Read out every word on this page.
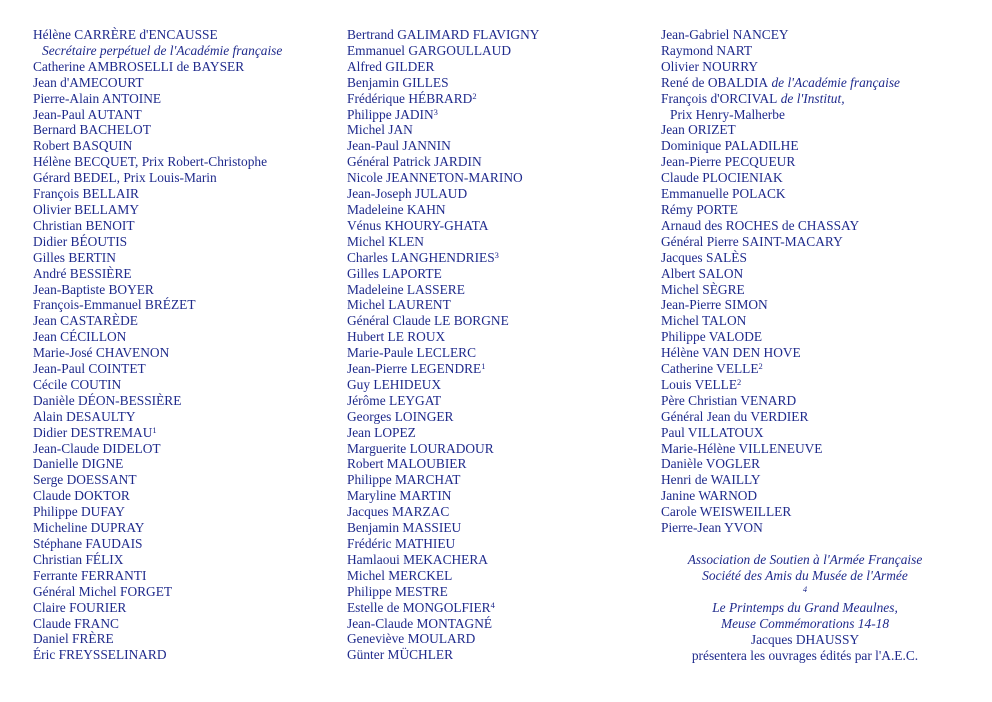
Hélène CARRÈRE d'ENCAUSSE
Secrétaire perpétuel de l'Académie française
Catherine AMBROSELLI de BAYSER
Jean d'AMECOURT
Pierre-Alain ANTOINE
Jean-Paul AUTANT
Bernard BACHELOT
Robert BASQUIN
Hélène BECQUET, Prix Robert-Christophe
Gérard BEDEL, Prix Louis-Marin
François BELLAIR
Olivier BELLAMY
Christian BENOIT
Didier BÉOUTIS
Gilles BERTIN
André BESSIÈRE
Jean-Baptiste BOYER
François-Emmanuel BRÉZET
Jean CASTARÈDE
Jean CÉCILLON
Marie-José CHAVENON
Jean-Paul COINTET
Cécile COUTIN
Danièle DÉON-BESSIÈRE
Alain DESAULTY
Didier DESTREMAU$^1$
Jean-Claude DIDELOT
Danielle DIGNE
Serge DOESSANT
Claude DOKTOR
Philippe DUFAY
Micheline DUPRAY
Stéphane FAUDAIS
Christian FÉLIX
Ferrante FERRANTI
Général Michel FORGET
Claire FOURIER
Claude FRANC
Daniel FRÈRE
Éric FREYSSELINARD
Bertrand GALIMARD FLAVIGNY
Emmanuel GARGOULLAUD
Alfred GILDER
Benjamin GILLES
Frédérique HÉBRARD$^2$
Philippe JADIN$^3$
Michel JAN
Jean-Paul JANNIN
Général Patrick JARDIN
Nicole JEANNETON-MARINO
Jean-Joseph JULAUD
Madeleine KAHN
Vénus KHOURY-GHATA
Michel KLEN
Charles LANGHENDRIES$^3$
Gilles LAPORTE
Madeleine LASSERE
Michel LAURENT
Général Claude LE BORGNE
Hubert LE ROUX
Marie-Paule LECLERC
Jean-Pierre LEGENDRE$^1$
Guy LEHIDEUX
Jérôme LEYGAT
Georges LOINGER
Jean LOPEZ
Marguerite LOURADOUR
Robert MALOUBIER
Philippe MARCHAT
Maryline MARTIN
Jacques MARZAC
Benjamin MASSIEU
Frédéric MATHIEU
Hamlaoui MEKACHERA
Michel MERCKEL
Philippe MESTRE
Estelle de MONGOLFIER$^4$
Jean-Claude MONTAGNÉ
Geneviève MOULARD
Günter MÜCHLER
Jean-Gabriel NANCEY
Raymond NART
Olivier NOURRY
René de OBALDIA de l'Académie française
François d'ORCIVAL de l'Institut,
Prix Henry-Malherbe
Jean ORIZET
Dominique PALADILHE
Jean-Pierre PECQUEUR
Claude PLOCIENIAK
Emmanuelle POLACK
Rémy PORTE
Arnaud des ROCHES de CHASSAY
Général Pierre SAINT-MACARY
Jacques SALÈS
Albert SALON
Michel SÈGRE
Jean-Pierre SIMON
Michel TALON
Philippe VALODE
Hélène VAN DEN HOVE
Catherine VELLE$^2$
Louis VELLE$^2$
Père Christian VENARD
Général Jean du VERDIER
Paul VILLATOUX
Marie-Hélène VILLENEUVE
Danièle VOGLER
Henri de WAILLY
Janine WARNOD
Carole WEISWEILLER
Pierre-Jean YVON
Association de Soutien à l'Armée Française
Société des Amis du Musée de l'Armée
$^4$
Le Printemps du Grand Meaulnes,
Meuse Commémorations 14-18
Jacques DHAUSSY
présentera les ouvrages édités par l'A.E.C.
